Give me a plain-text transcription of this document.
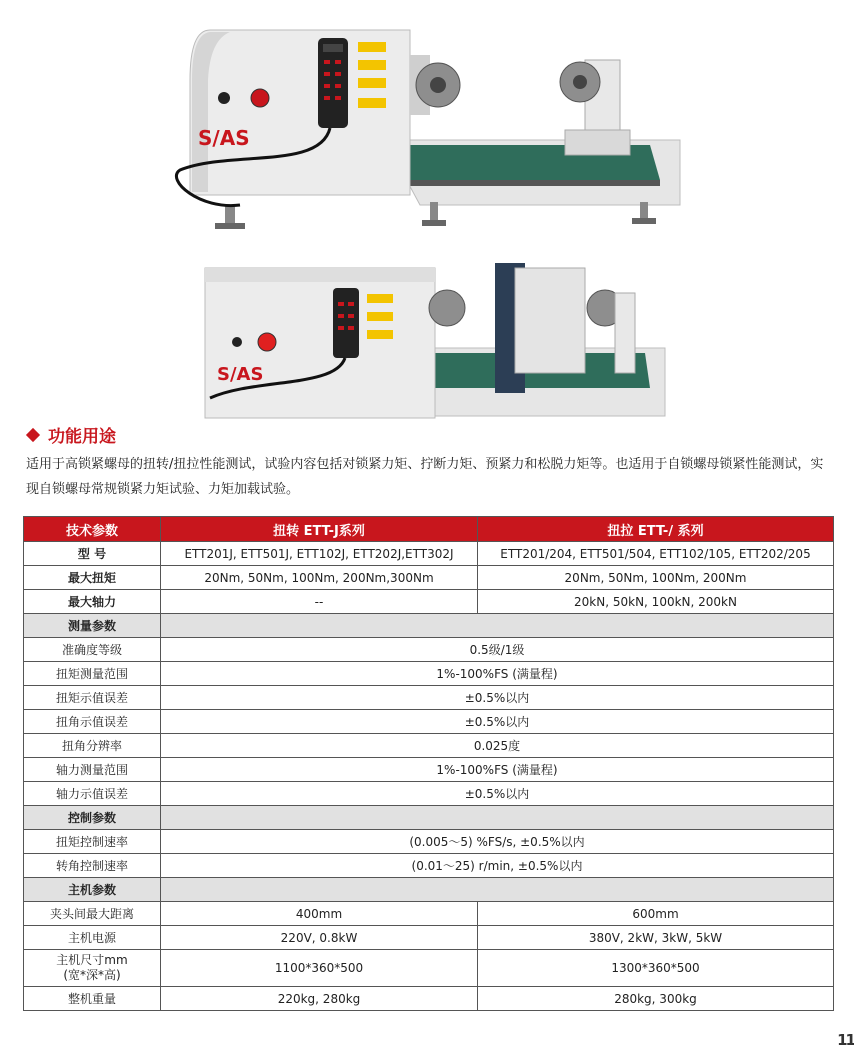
S/AS
S/AS
功能用途
适用于高锁紧螺母的扭转/扭拉性能测试，试验内容包括对锁紧力矩、拧断力矩、预紧力和松脱力矩等。也适用于自锁螺母锁紧性能测试，实现自锁螺母常规锁紧力矩试验、力矩加载试验。
技术参数	扭转 ETT-J系列	扭拉 ETT-/ 系列
型 号	ETT201J, ETT501J, ETT102J, ETT202J,ETT302J	ETT201/204, ETT501/504, ETT102/105, ETT202/205
最大扭矩	20Nm, 50Nm, 100Nm, 200Nm,300Nm	20Nm, 50Nm, 100Nm, 200Nm
最大轴力	--	20kN, 50kN, 100kN, 200kN
测量参数		
准确度等级	0.5级/1级	
扭矩测量范围	1%-100%FS (满量程)	
扭矩示值误差	±0.5%以内	
扭角示值误差	±0.5%以内	
扭角分辨率	0.025度	
轴力测量范围	1%-100%FS (满量程)	
轴力示值误差	±0.5%以内	
控制参数		
扭矩控制速率	(0.005～5) %FS/s, ±0.5%以内	
转角控制速率	(0.01～25) r/min, ±0.5%以内	
主机参数		
夹头间最大距离	400mm	600mm
主机电源	220V, 0.8kW	380V, 2kW, 3kW, 5kW

主机尺寸mm
(宽*深*高)	1100*360*500	1300*360*500
整机重量	220kg, 280kg	280kg, 300kg
11
